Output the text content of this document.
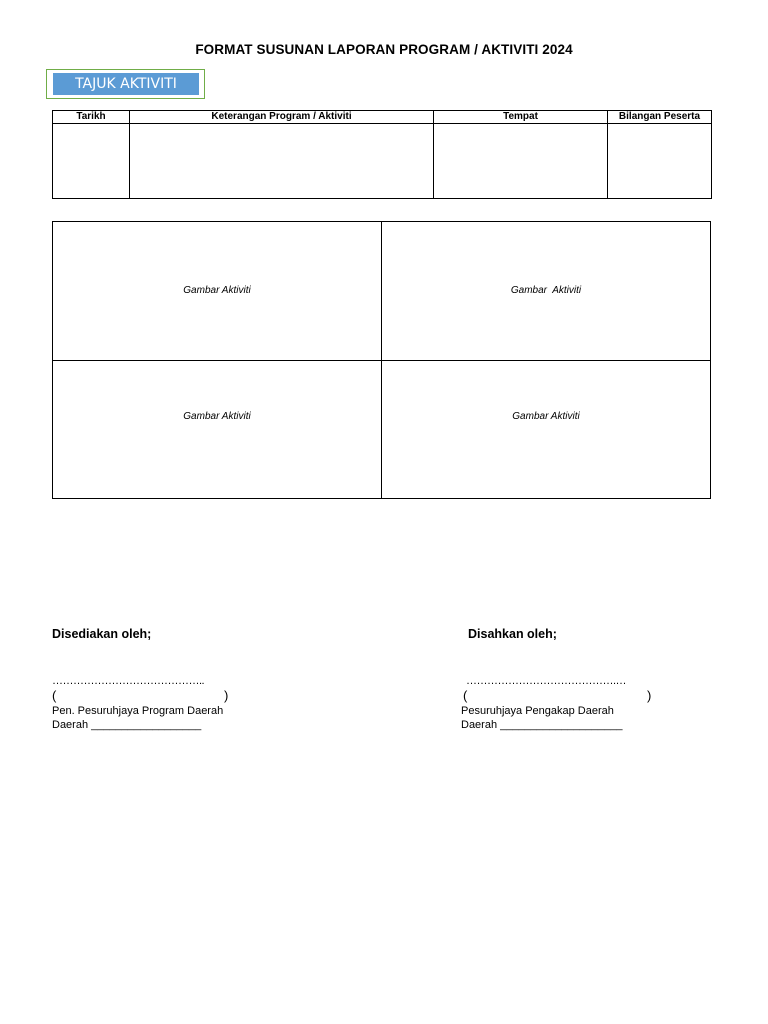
FORMAT SUSUNAN LAPORAN PROGRAM / AKTIVITI 2024
TAJUK AKTIVITI
Tarikh	Keterangan Program / Aktiviti	Tempat	Bilangan Peserta

Gambar Aktiviti	Gambar  Aktiviti
Gambar Aktiviti	Gambar Aktiviti
Disediakan oleh;
……………………………………..
(	)
Pen. Pesuruhjaya Program Daerah
Daerah __________________
Disahkan oleh;
…………………………………….…
(	)
Pesuruhjaya Pengakap Daerah
Daerah ____________________
